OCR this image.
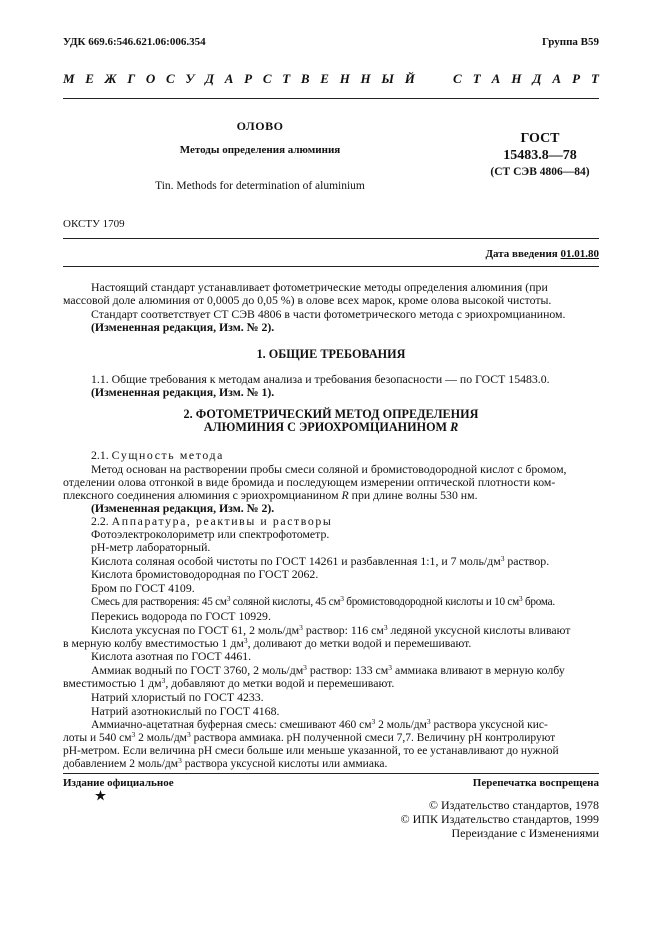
УДК 669.6:546.621.06:006.354	Группа В59
М Е Ж Г О С У Д А Р С Т В Е Н Н Ы Й	С Т А Н Д А Р Т
ОЛОВО
Методы определения алюминия
Tin. Methods for determination of aluminium
ГОСТ
15483.8—78
(СТ СЭВ 4806—84)
ОКСТУ 1709
Дата введения 01.01.80
Настоящий стандарт устанавливает фотометрические методы определения алюминия (при
массовой доле алюминия от 0,0005 до 0,05 %) в олове всех марок, кроме олова высокой чистоты.
Стандарт соответствует СТ СЭВ 4806 в части фотометрического метода с эриохромцианином.
(Измененная редакция, Изм. № 2).
1. ОБЩИЕ ТРЕБОВАНИЯ
1.1. Общие требования к методам анализа и требования безопасности — по ГОСТ 15483.0.
(Измененная редакция, Изм. № 1).
2. ФОТОМЕТРИЧЕСКИЙ МЕТОД ОПРЕДЕЛЕНИЯ
АЛЮМИНИЯ С ЭРИОХРОМЦИАНИНОМ R
2.1. Сущность метода
Метод основан на растворении пробы смеси соляной и бромистоводородной кислот с бромом,
отделении олова отгонкой в виде бромида и последующем измерении оптической плотности ком-
плексного соединения алюминия с эриохромцианином R при длине волны 530 нм.
(Измененная редакция, Изм. № 2).
2.2. Аппаратура, реактивы и растворы
Фотоэлектроколориметр или спектрофотометр.
рН-метр лабораторный.
Кислота соляная особой чистоты по ГОСТ 14261 и разбавленная 1:1, и 7 моль/$дм^3$ раствор.
Кислота бромистоводородная по ГОСТ 2062.
Бром по ГОСТ 4109.
Смесь для растворения: 45 $см^3$ соляной кислоты, 45 $см^3$ бромистоводородной кислоты и 10 $см^3$ брома.
Перекись водорода по ГОСТ 10929.
Кислота уксусная по ГОСТ 61, 2 моль/$дм^3$ раствор: 116 $см^3$ ледяной уксусной кислоты вливают
в мерную колбу вместимостью 1 $дм^3$, доливают до метки водой и перемешивают.
Кислота азотная по ГОСТ 4461.
Аммиак водный по ГОСТ 3760, 2 моль/$дм^3$ раствор: 133 $см^3$ аммиака вливают в мерную колбу
вместимостью 1 $дм^3$, добавляют до метки водой и перемешивают.
Натрий хлористый по ГОСТ 4233.
Натрий азотнокислый по ГОСТ 4168.
Аммиачно-ацетатная буферная смесь: смешивают 460 $см^3$ 2 моль/$дм^3$ раствора уксусной кис-
лоты и 540 $см^3$ 2 моль/$дм^3$ раствора аммиака. рН полученной смеси 7,7. Величину рН контролируют
рН-метром. Если величина рН смеси больше или меньше указанной, то ее устанавливают до нужной
добавлением 2 моль/$дм^3$ раствора уксусной кислоты или аммиака.
Издание официальное	Перепечатка воспрещена
© Издательство стандартов, 1978
© ИПК Издательство стандартов, 1999
Переиздание с Изменениями
